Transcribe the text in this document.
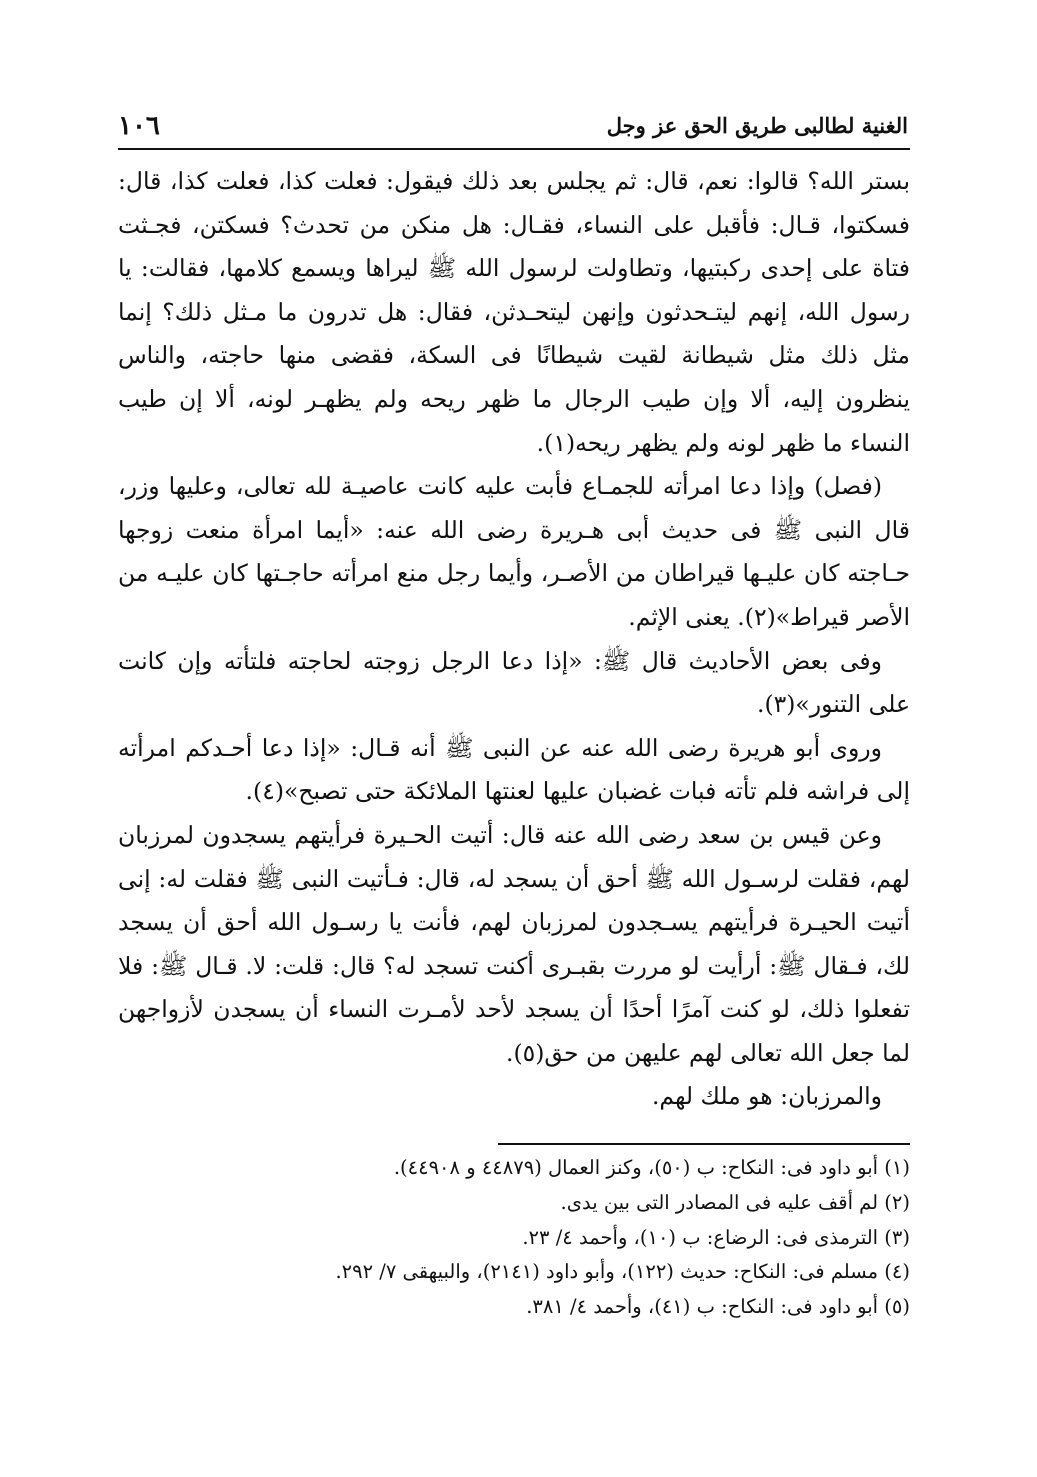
الغنية لطالبى طريق الحق عز وجل
١٠٦

بستر الله؟ قالوا: نعم، قال: ثم يجلس بعد ذلك فيقول: فعلت كذا، فعلت كذا، قال: فسكتوا، قـال: فأقبل على النساء، فقـال: هل منكن من تحدث؟ فسكتن، فجـثت فتاة على إحدى ركبتيها، وتطاولت لرسول الله ﷺ ليراها ويسمع كلامها، فقالت: يا رسول الله، إنهم ليتـحدثون وإنهن ليتحـدثن، فقال: هل تدرون ما مـثل ذلك؟ إنما مثل ذلك مثل شيطانة لقيت شيطانًا فى السكة، فقضى منها حاجته، والناس ينظرون إليه، ألا وإن طيب الرجال ما ظهر ريحه ولم يظهـر لونه، ألا إن طيب النساء ما ظهر لونه ولم يظهر ريحه(١).

(فصل) وإذا دعا امرأته للجمـاع فأبت عليه كانت عاصيـة لله تعالى، وعليها وزر، قال النبى ﷺ فى حديث أبى هـريرة رضى الله عنه: «أيما امرأة منعت زوجها حـاجته كان عليـها قيراطان من الأصـر، وأيما رجل منع امرأته حاجـتها كان عليـه من الأصر قيراط»(٢). يعنى الإثم.

وفى بعض الأحاديث قال ﷺ: «إذا دعا الرجل زوجته لحاجته فلتأته وإن كانت على التنور»(٣).

وروى أبو هريرة رضى الله عنه عن النبى ﷺ أنه قـال: «إذا دعا أحـدكم امرأته إلى فراشه فلم تأته فبات غضبان عليها لعنتها الملائكة حتى تصبح»(٤).

وعن قيس بن سعد رضى الله عنه قال: أتيت الحـيرة فرأيتهم يسجدون لمرزبان لهم، فقلت لرسـول الله ﷺ أحق أن يسجد له، قال: فـأتيت النبى ﷺ فقلت له: إنى أتيت الحيـرة فرأيتهم يسـجدون لمرزبان لهم، فأنت يا رسـول الله أحق أن يسجد لك، فـقال ﷺ: أرأيت لو مررت بقبـرى أكنت تسجد له؟ قال: قلت: لا. قـال ﷺ: فلا تفعلوا ذلك، لو كنت آمرًا أحدًا أن يسجد لأحد لأمـرت النساء أن يسجدن لأزواجهن لما جعل الله تعالى لهم عليهن من حق(٥).

والمرزبان: هو ملك لهم.

(١) أبو داود فى: النكاح: ب (٥٠)، وكنز العمال (٤٤٨٧٩ و ٤٤٩٠٨).

(٢) لم أقف عليه فى المصادر التى بين يدى.

(٣) الترمذى فى: الرضاع: ب (١٠)، وأحمد ٤/ ٢٣.

(٤) مسلم فى: النكاح: حديث (١٢٢)، وأبو داود (٢١٤١)، والبيهقى ٧/ ٢٩٢.

(٥) أبو داود فى: النكاح: ب (٤١)، وأحمد ٤/ ٣٨١.
